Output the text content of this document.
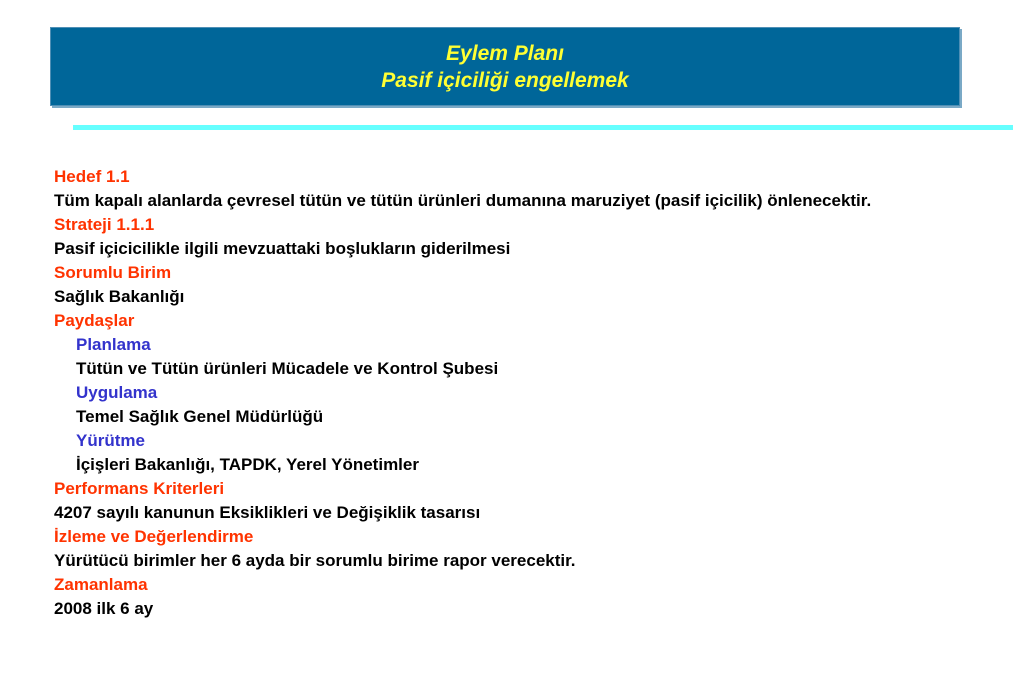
Eylem Planı
Pasif içiciliği engellemek
Hedef 1.1
Tüm kapalı alanlarda çevresel tütün ve tütün ürünleri dumanına maruziyet (pasif içicilik) önlenecektir.
Strateji 1.1.1
Pasif içicicilikle ilgili mevzuattaki boşlukların giderilmesi
Sorumlu Birim
Sağlık Bakanlığı
Paydaşlar
Planlama
Tütün ve Tütün ürünleri Mücadele ve Kontrol Şubesi
Uygulama
Temel Sağlık Genel Müdürlüğü
Yürütme
İçişleri Bakanlığı, TAPDK, Yerel Yönetimler
Performans Kriterleri
4207 sayılı kanunun Eksiklikleri ve Değişiklik tasarısı
İzleme ve Değerlendirme
Yürütücü birimler her 6 ayda bir sorumlu birime rapor verecektir.
Zamanlama
2008 ilk 6 ay
